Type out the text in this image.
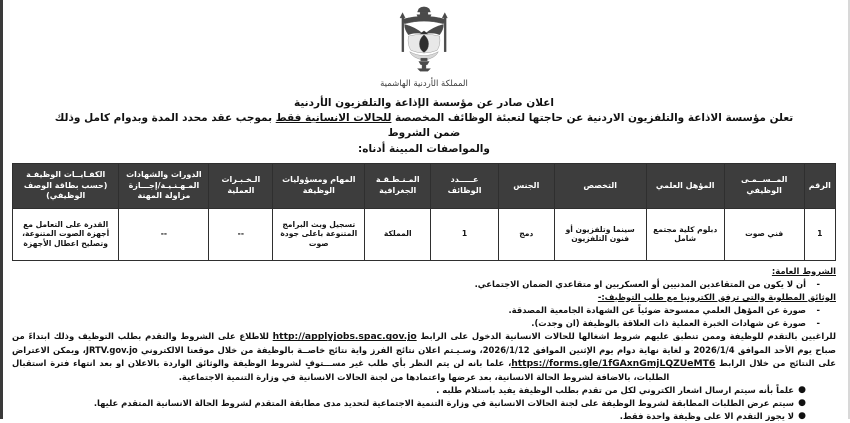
المملكة الأردنية الهاشمية
اعلان صادر عن مؤسسة الإذاعة والتلفزيون الأردنية
تعلن مؤسسة الاذاعة والتلفزيون الاردنية عن حاجتها لتعبئة الوظائف المخصصة للحالات الانسانية فقط بموجب عقد محدد المدة وبدوام كامل وذلك ضمن الشروط
والمواصفات المبينة أدناه:
الرقم	المــســمـى الوظيفي	المؤهل العلمي	التخصص	الجنس	عـــــدد الوظائف	المـنـطـقـة الجغرافية	المهام ومسؤوليات الوظيفة	الـخـبـرات العملية	الدورات والشهادات المـهـنـيـة/إجـــازة مزاولة المهنة	الكفـايــات الوظيفـة (حسب بطاقة الوصف الوظيفي)
1	فني صوت	دبلوم كلية مجتمع شامل	سينما وتلفزيون أو فنون التلفزيون	دمج	1	المملكة	تسجيل وبث البرامج المتنوعة باعلى جودة صوت	--	--	القدرة على التعامل مع أجهزة الصوت المتنوعة، وتصليح اعطال الأجهزة
الشروط العامة:
-
أن لا يكون من المتقاعدين المدنيين أو العسكريين او متقاعدي الضمان الاجتماعي.
الوثائق المطلوبة والتي ترفق الكترونيا مع طلب التوظيف:-
-
صورة عن المؤهل العلمي ممسوحة ضوئياً عن الشهادة الجامعية المصدقة.
-
صورة عن شهادات الخبرة العملية ذات العلاقة بالوظيفة (ان وجدت).
للراغبين بالتقدم للوظيفة وممن تنطبق عليهم شروط اشغالها للحالات الانسانية الدخول على الرابط http://applyjobs.spac.gov.jo للاطلاع على الشروط والتقدم بطلب التوظيف وذلك ابتداءً من صباح يوم الأحد الموافق 2026/1/4 و لغاية نهاية دوام يوم الإثنين الموافق 2026/1/12، وسـيـتم اعلان نتائج الفرز واية نتائج خاصــة بالوظيفة من خلال موقعنا الالكتروني JRTV.gov.jo، ويمكن الاعتراض على النتائج من خلال الرابط https://forms.gle/1fGAxnGmjLQZUeMT6، علما بانه لن يتم النظر بأي طلب غير مســـتوفٍ لشروط الوظيفة والوثائق الواردة بالاعلان او بعد انتهاء فترة استقبال الطلبات، بالاضافة لشروط الحالة الانسانية، بعد عرضها واعتمادها من لجنة الحالات الانسانية في وزارة التنمية الاجتماعية.
●
علماً بأنه سيتم ارسال اشعار الكتروني لكل من تقدم بطلب الوظيفة يفيد باستلام طلبه .
●
سيتم عرض الطلبات المطابقة لشروط الوظيفة على لجنة الحالات الانسانية في وزارة التنمية الاجتماعية لتحديد مدى مطابقة المتقدم لشروط الحالة الانسانية المتقدم عليها.
●
لا يجوز التقدم الا على وظيفة واحدة فقط.
